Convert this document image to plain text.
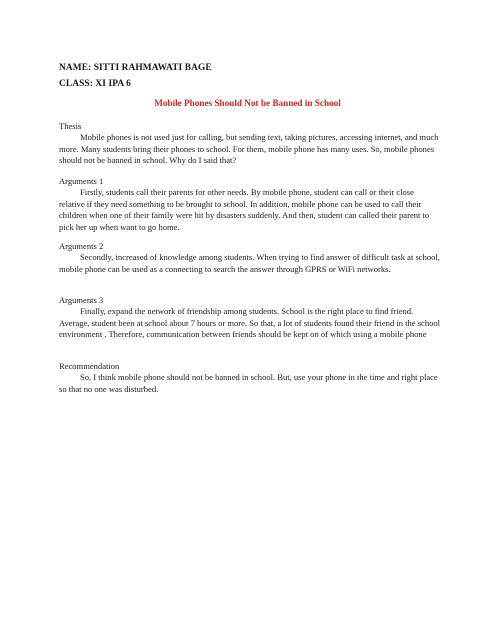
NAME: SITTI RAHMAWATI BAGE
CLASS: XI IPA 6
Mobile Phones Should Not be Banned in School
Thesis
Mobile phones is not used just for calling, but sending text, taking pictures, accessing internet, and much more. Many students bring their phones to school. For them, mobile phone has many uses. So, mobile phones should not be banned in school. Why do I said that?
Arguments 1
Firstly, students call their parents for other needs. By mobile phone, student can call or their close relative if they need something to be brought to school. In addition, mobile phone can be used to call their children when one of their family were hit by disasters suddenly. And then, student can called their parent to pick her up when want to go home.
Arguments 2
Secondly, increased of knowledge among students. When trying to find answer of difficult task at school, mobile phone can be used as a connecting to search the answer through GPRS or WiFi networks.
Arguments 3
Finally, expand the network of friendship among students. School is the right place to find friend. Average, student been at school about 7 hours or more. So that, a lot of students found their friend in the school environment . Therefore, communication between friends should be kept on of which using a mobile phone
Recommendation
So, I think mobile phone should not be banned in school. But, use your phone in the time and right place so that no one was disturbed.
